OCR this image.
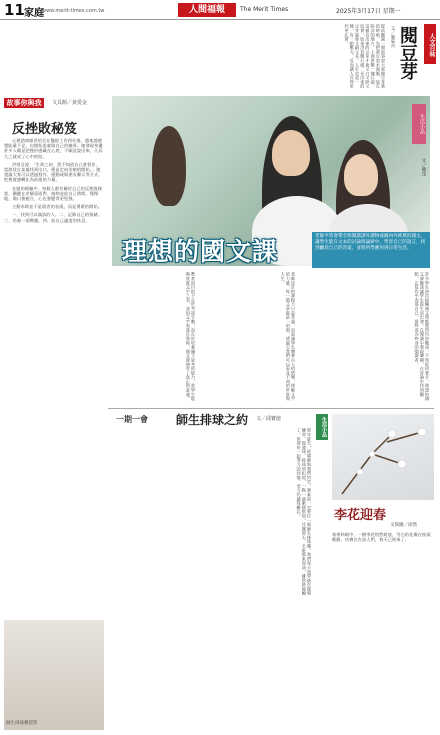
11 家庭
www.merit-times.com.tw	人間福報	The Merit Times	2025年3月17日 星期一
人文百味
閱豆芽
文／劉虛貞
從前聽過一個故事說大家做豆芽菜的時候，先把黃豆泡水泡脹，放在陰涼的地方，上面要壓一塊石頭，這樣長出來的豆芽才會又白又胖又結實。如果沒有壓石頭，長出來的豆芽就會又細又長。人生也是一樣，有一點壓力，反而讓人長得更好更扎實。
故事你與我	文具館／黃愛金
反挫敗秘笈

心理諮商師洪培吾在醫院工作四年後，越來越感覺能量不足，也開始思索與自己的關係。她發現身邊許多人總是把挫折感藏在心底，不願意說出來，久而久之就成了心中的結。

洪培吾說：「生命之初，我不知道自己會寫作，當熱忱在某處找到出口，便是走向治癒的開始。」她建議大家可以透過寫作、運動或與朋友聊天等方式，把挫敗感轉化為前進的力量。

在她的經驗中，每個人都有屬於自己的反挫敗秘笈，關鍵在於願意面對、接納並給自己時間。慢慢地，傷口會癒合，心也會變得更堅強。

主動求助並不是弱者的表現，而是勇敢的開始。

一、找到可以傾訴的人。二、記錄自己的情緒。三、培養一項興趣。四、給自己適度的休息。

生活小品
文／陳茂
理想的國文課
老師平常會帶全班閱讀課外讀物或國內外經典的國文，讓學生能在文本的討論與論辯中，學習自己的語言，找到屬於自己的答案，並將所學應用到日常生活。
許多學生初次接觸國文時都覺得內容艱深，不知從何著手。理想的國文課應該讓學生從生活出發，在閱讀中發現樂趣，在討論中找到觀點，在寫作中表達自己，最終成為終身的閱讀者。
老師設計的課程不只是背誦，而是讓學生體會古人的情懷，理解文字的力量。每一篇文章都是一扇窗，透過它我們可以看見不同的世界與人生。
教育的目的不在於考試分數，而在於培養獨立思考的能力。當學生能夠欣賞文字之美，並用文字表達自我時，國文課便有了真正的意義。
一期一會 師生排球之約 文／邱寶億
那年夏天，班導師與我們約定，畢業前一定要打一場師生排球賽。我們每天放學後在操場練習，從發球、接球到扣殺，一點一滴累積默契。比賽那天，全班都來加油，雖然最後輸了，但那份一起努力的回憶，至今仍讓我難忘。
生活小品
李花迎春
文與圖／徐然
春寒料峭中，一樹李花悄然綻放，雪白的花瓣在枝頭輕顫，彷彿在告訴人們，春天已經來了。
師生排球賽留影
